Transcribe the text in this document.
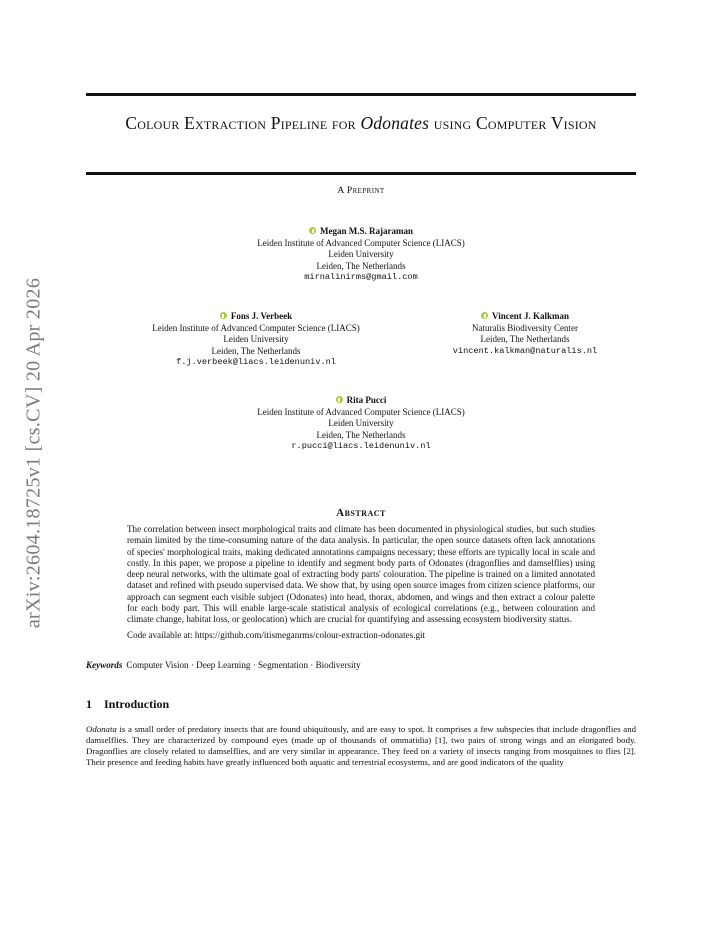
arXiv:2604.18725v1 [cs.CV] 20 Apr 2026
Colour Extraction Pipeline for Odonates using Computer Vision
A Preprint
Megan M.S. Rajaraman
Leiden Institute of Advanced Computer Science (LIACS)
Leiden University
Leiden, The Netherlands
mirnalinirms@gmail.com
Fons J. Verbeek
Leiden Institute of Advanced Computer Science (LIACS)
Leiden University
Leiden, The Netherlands
f.j.verbeek@liacs.leidenuniv.nl
Vincent J. Kalkman
Naturalis Biodiversity Center
Leiden, The Netherlands
vincent.kalkman@naturalis.nl
Rita Pucci
Leiden Institute of Advanced Computer Science (LIACS)
Leiden University
Leiden, The Netherlands
r.pucci@liacs.leidenuniv.nl
Abstract

The correlation between insect morphological traits and climate has been documented in physiological studies, but such studies remain limited by the time-consuming nature of the data analysis. In particular, the open source datasets often lack annotations of species' morphological traits, making dedicated annotations campaigns necessary; these efforts are typically local in scale and costly. In this paper, we propose a pipeline to identify and segment body parts of Odonates (dragonflies and damselflies) using deep neural networks, with the ultimate goal of extracting body parts' colouration. The pipeline is trained on a limited annotated dataset and refined with pseudo supervised data. We show that, by using open source images from citizen science platforms, our approach can segment each visible subject (Odonates) into head, thorax, abdomen, and wings and then extract a colour palette for each body part. This will enable large-scale statistical analysis of ecological correlations (e.g., between colouration and climate change, habitat loss, or geolocation) which are crucial for quantifying and assessing ecosystem biodiversity status.

Code available at: https://github.com/itismeganrms/colour-extraction-odonates.git

Keywords Computer Vision · Deep Learning · Segmentation · Biodiversity
1 Introduction

Odonata is a small order of predatory insects that are found ubiquitously, and are easy to spot. It comprises a few subspecies that include dragonflies and damselflies. They are characterized by compound eyes (made up of thousands of ommatidia) [1], two pairs of strong wings and an elongated body. Dragonflies are closely related to damselflies, and are very similar in appearance. They feed on a variety of insects ranging from mosquitoes to flies [2]. Their presence and feeding habits have greatly influenced both aquatic and terrestrial ecosystems, and are good indicators of the quality
